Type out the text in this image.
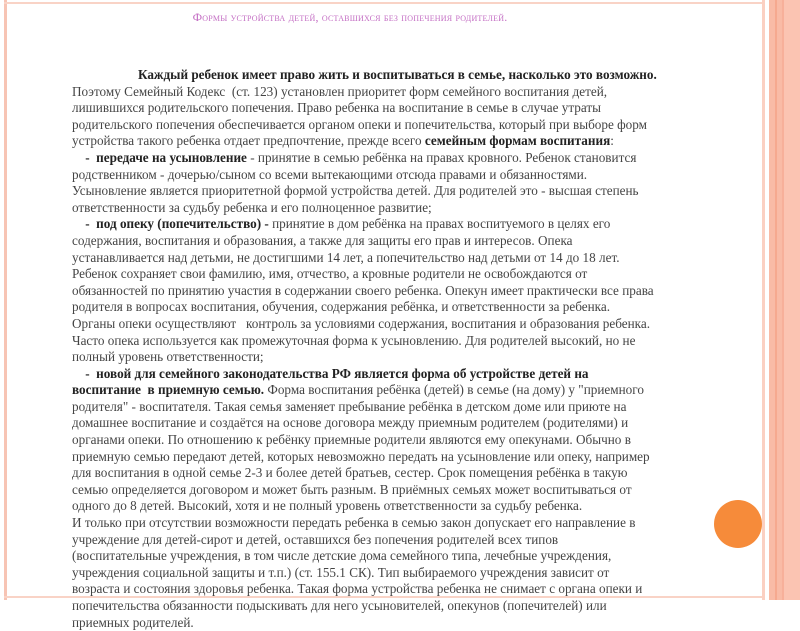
Формы устройства детей, оставшихся без попечения родителей.
Каждый ребенок имеет право жить и воспитываться в семье, насколько это возможно.
Поэтому Семейный Кодекс  (ст. 123) установлен приоритет форм семейного воспитания детей,
лишившихся родительского попечения. Право ребенка на воспитание в семье в случае утраты
родительского попечения обеспечивается органом опеки и попечительства, который при выборе форм
устройства такого ребенка отдает предпочтение, прежде всего семейным формам воспитания:
-  передаче на усыновление - принятие в семью ребёнка на правах кровного. Ребенок становится
родственником - дочерью/сыном со всеми вытекающими отсюда правами и обязанностями.
Усыновление является приоритетной формой устройства детей. Для родителей это - высшая степень
ответственности за судьбу ребенка и его полноценное развитие;
-  под опеку (попечительство) - принятие в дом ребёнка на правах воспитуемого в целях его
содержания, воспитания и образования, а также для защиты его прав и интересов. Опека
устанавливается над детьми, не достигшими 14 лет, а попечительство над детьми от 14 до 18 лет.
Ребенок сохраняет свои фамилию, имя, отчество, а кровные родители не освобождаются от
обязанностей по принятию участия в содержании своего ребенка. Опекун имеет практически все права
родителя в вопросах воспитания, обучения, содержания ребёнка, и ответственности за ребенка.
Органы опеки осуществляют   контроль за условиями содержания, воспитания и образования ребенка.
Часто опека используется как промежуточная форма к усыновлению. Для родителей высокий, но не
полный уровень ответственности;
-  новой для семейного законодательства РФ является форма об устройстве детей на
воспитание  в приемную семью. Форма воспитания ребёнка (детей) в семье (на дому) у "приемного
родителя" - воспитателя. Такая семья заменяет пребывание ребёнка в детском доме или приюте на
домашнее воспитание и создаётся на основе договора между приемным родителем (родителями) и
органами опеки. По отношению к ребёнку приемные родители являются ему опекунами. Обычно в
приемную семью передают детей, которых невозможно передать на усыновление или опеку, например
для воспитания в одной семье 2-3 и более детей братьев, сестер. Срок помещения ребёнка в такую
семью определяется договором и может быть разным. В приёмных семьях может воспитываться от
одного до 8 детей. Высокий, хотя и не полный уровень ответственности за судьбу ребенка.
И только при отсутствии возможности передать ребенка в семью закон допускает его направление в
учреждение для детей-сирот и детей, оставшихся без попечения родителей всех типов
(воспитательные учреждения, в том числе детские дома семейного типа, лечебные учреждения,
учреждения социальной защиты и т.п.) (ст. 155.1 СК). Тип выбираемого учреждения зависит от
возраста и состояния здоровья ребенка. Такая форма устройства ребенка не снимает с органа опеки и
попечительства обязанности подыскивать для него усыновителей, опекунов (попечителей) или
приемных родителей.
